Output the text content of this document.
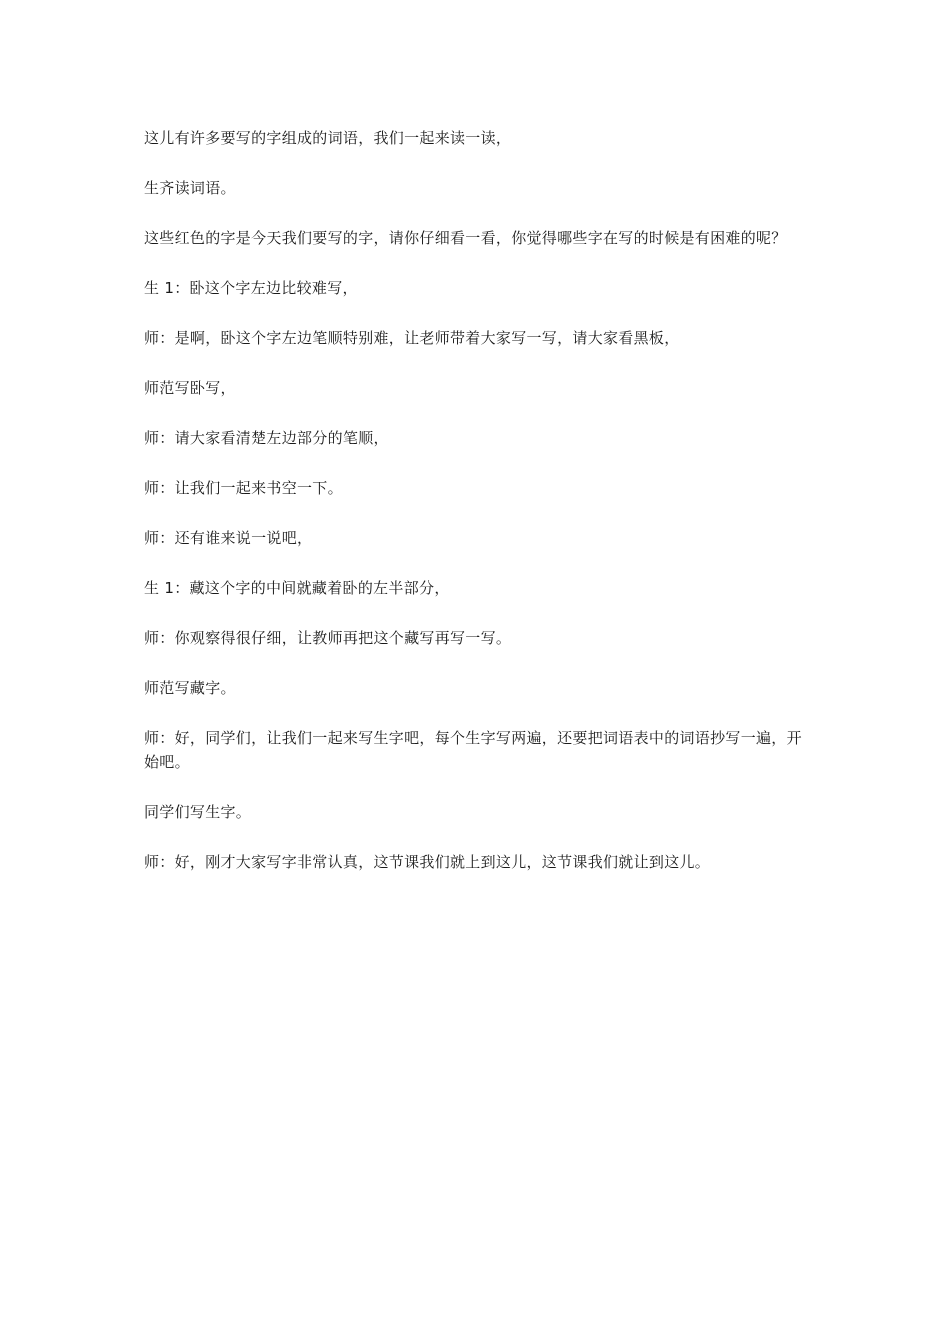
这儿有许多要写的字组成的词语，我们一起来读一读，

生齐读词语。

这些红色的字是今天我们要写的字，请你仔细看一看，你觉得哪些字在写的时候是有困难的呢？

生 1：卧这个字左边比较难写，

师：是啊，卧这个字左边笔顺特别难，让老师带着大家写一写，请大家看黑板，

师范写卧写，

师：请大家看清楚左边部分的笔顺，

师：让我们一起来书空一下。

师：还有谁来说一说吧，

生 1：藏这个字的中间就藏着卧的左半部分，

师：你观察得很仔细，让教师再把这个藏写再写一写。

师范写藏字。

师：好，同学们，让我们一起来写生字吧，每个生字写两遍，还要把词语表中的词语抄写一遍，开始吧。

同学们写生字。

师：好，刚才大家写字非常认真，这节课我们就上到这儿，这节课我们就让到这儿。
